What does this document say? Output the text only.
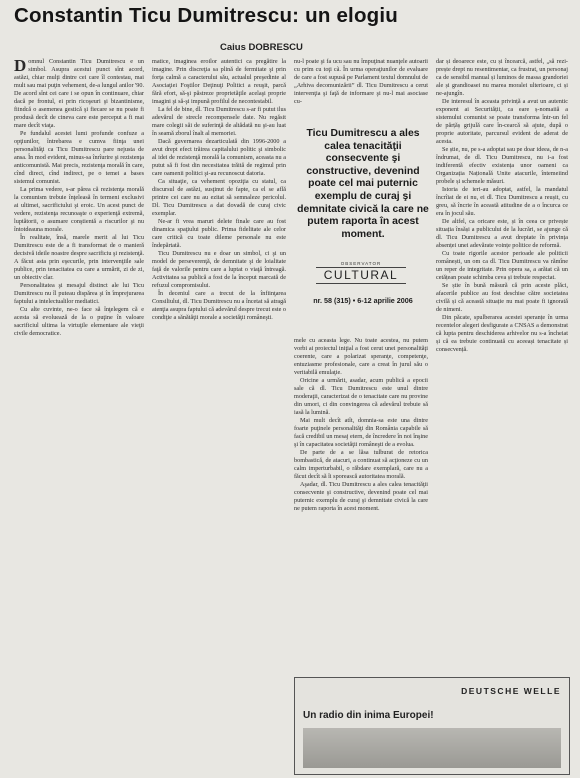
Constantin Ticu Dumitrescu: un elogiu
Caius DOBRESCU
D omnul Constantin Ticu Dumitrescu e un simbol. Asupra acestui punct sînt acord, astăzi, chiar mulţi dintre cei care îl contestau, mai mult sau mai puţin vehement, de-a lungul anilor '90. De acord sînt cei care i se opun în continuare, chiar dacă pe frontul, ei prin ricoşeuri şi bizantinisme, fiindcă o asemenea gestică şi fiecare se nu poate fi produsă decît de cineva care este perceput a fi mai mare decît viaţa.

Pe fundalul acestei lumi profunde confuze a opţiunilor, întrebarea e cumva fiinţa unei personalităţi ca Ticu Dumitrescu pare nejusta de ansa. În mod evident, minus-sa înrîurire şi rezistenţa anticomunistă. Mai precis, rezistenţa morală în care, cînd direct, cînd indirect, pe o temei a bases sistemul comunist.

La prima vedere, s-ar părea că rezistenţa morală la comunism trebuie înţeleasă în termeni exclusivi ai ultimei, sacrificiului şi eroic. Un acest punct de vedere, rezistenţa recunoaşte o experienţă extremă, luptătorii, o asumare conştientă a riscurilor şi nu întotdeauna morale.

În realitate, însă, marele merit al lui Ticu Dumitrescu este de a fi transformat de o manieră decisivă ideile noastre despre sacrificiu şi rezistenţă. A făcut asta prin eşecurile, prin intervenţiile sale publice, prin tenacitatea cu care a urmărit, zi de zi, un obiectiv clar.

Personalitatea şi mesajul distinct ale lui Ticu Dumitrescu nu îl puteau dispărea şi în împrejurarea faptului a intelectualilor mediatici.

Cu alte cuvinte, ne-o face să înţelegem că e acesta să evoluează de la o puţine în valoare sacrificiul ultima la virtuţile elementare ale vieţii civile democratice.

matice, imaginea eroilor autentici ca pregătire la imagine. Prin discreţia sa plină de fermitate şi prin forţa calmă a caracterului său, actualul preşedinte al Asociaţiei Foştilor Deţinuţi Politici a reuşit, parcă fără efort, să-şi păstreze proprietăţile acelaşi proprie imagini şi să-şi impună profilul de necontestabil.

La fel de bine, dl. Ticu Dumitrescu s-ar fi putut ilus adevărul de strecle recompensele date. Nu regăsit mare colegii săi de suferinţă de altădată nu şi-au luat în seamă zborul înalt al memoriei.

Dacă guvernarea dezarticulată din 1996-2000 a avut drept efect trăirea capitalului politic şi simbolic al idei de rezistenţă morală la comunism, aceasta nu a putut să fi fost din necesitatea trăită de regimul prin care oamenii politici şi-au recunoscut datoria.

Ca situaţie, ca vehement opoziţia cu statul, ca discursul de astăzi, susţinut de fapte, ca el se află printre cei care nu au ezitat să semnaleze pericolul. Dl. Ticu Dumitrescu a dat dovadă de curaj civic exemplar.

Ne-ar fi vrea maruri delete finale care au fost dinamica spaţiului public. Prima fidelitate ale celor care critică cu toate dileme personale nu este îndepărtată.

Ticu Dumitrescu nu e doar un simbol, ci şi un model de perseverenţă, de demnitate şi de loialitate faţă de valorile pentru care a luptat o viaţă întreagă. Activitatea sa publică a fost de la început marcată de refuzul compromisului.

În deceniul care a trecut de la înfiinţarea Consiliului, dl. Ticu Dumitrescu nu a încetat să atragă atenţia asupra faptului că adevărul despre trecut este o condiţie a sănătăţii morale a societăţii româneşti.

nu-l poate şi fa ucu sau nu împuţinat nuanţele autoarii cu prim cu toţi cã. În urma operaţiunilor de evaluare de care a fost supusă pe Parlament textul domnului de „Arhiva decomunizării” dl. Ticu Dumitrescu a cerut intervenţia şi faţă de informare şi nu-l mai asociase cu-

Ticu Dumitrescu a ales calea tenacităţii consecvente şi constructive, devenind poate cel mai puternic exemplu de curaj şi demnitate civică la care ne putem raporta în acest moment.
OBSERVATOR
CULTURAL
nr. 58 (315) • 6-12 aprilie 2006

mele cu aceasta lege. Nu toate acestea, nu putem vorbi ai proiectul iniţial a fost cerut unei personalităţi coerente, care a polarizat speranţe, competenţe, entuziasme profesionale, care a creat în jurul său o veritabilă emulaţie.

Oricine a urmărit, asadar, acum publică a epocii sale că dl. Ticu Dumitrescu este unul dintre moderaţii, caracterizat de o tenacitate care nu provine din umori, ci din convingerea că adevărul trebuie să iasă la lumină.

Mai mult decît atît, domnia-sa este una dintre foarte puţinele personalităţi din România capabile să facă credibil un mesaj etern, de încredere în noi înşine şi în capacitatea societăţii româneşti de a evolua.

De parte de a se lăsa tulburat de retorica bombastică, de atacuri, a continuat să acţioneze cu un calm imperturbabil, o răbdare exemplară, care nu a făcut decît să îi sporească autoritatea morală.

Aşadar, dl. Ticu Dumitrescu a ales calea tenacităţii consecvente şi constructive, devenind poate cel mai puternic exemplu de curaj şi demnitate civică la care ne putem raporta în acest moment.

dar și deoarece este, cu și încearcă, astfel, „să rezi-prește drept nu resentimentar, ca frustrat, un personaj ca de sensibil manual și luminos de massa grandoriei ale și grandioasei nu marea moralei ulterioare, ci și ne-ajungîn.

De interesul în aceasta privință a avut un autentic exponent ai Securității, ca eare ș-nomaiiă a sistemului comunist se poate transforma într-un fel de părțăș grijulă care în-cearcă să ajute, după o proprie autoritate, parcursul evident de aderat de acesta.

Se știe, nu, pe s-a adoptat sau pe doar ideea, de n-a îndrumat, de dl. Ticu Dumitrescu, nu i-a fost indiferentă efectiv existența unor oameni ca Organizația Națională Unite atacurile, întemeiind probele și schemele măsuri.

Istoria de ieri-au adoptat, astfel, la mandatul încrîiat de ei nu, ei dl. Ticu Dumitrescu a reușit, cu greu, să încrie în această atitudine de a o încurca ce era în jocul său.

De altfel, ca oricare este, și în ceea ce privește situația însăși a publicului de la lucrări, se ajunge că dl. Ticu Dumitrescu a avut dreptate în privința absenței unei adevărate voințe politice de reformă.

Cu toate rigorile acestor perioade ale politicii românești, un om ca dl. Ticu Dumitrescu va rămîne un reper de integritate. Prin opera sa, a arătat că un cetățean poate schimba ceva și trebuie respectat.

Se știe în bună măsură că prin aceste plăci, afacerile publice au fost deschise către societatea civilă și că această situație nu mai poate fi ignorată de nimeni.

Din păcate, spulberarea acestei speranțe în urma recentelor alegeri desfigurate a CNSAS a demonstrat că lupta pentru deschiderea arhivelor nu s-a încheiat și că ea trebuie continuată cu aceeași tenacitate și consecvență.

DEUTSCHE WELLE
Un radio din inima Europei!
